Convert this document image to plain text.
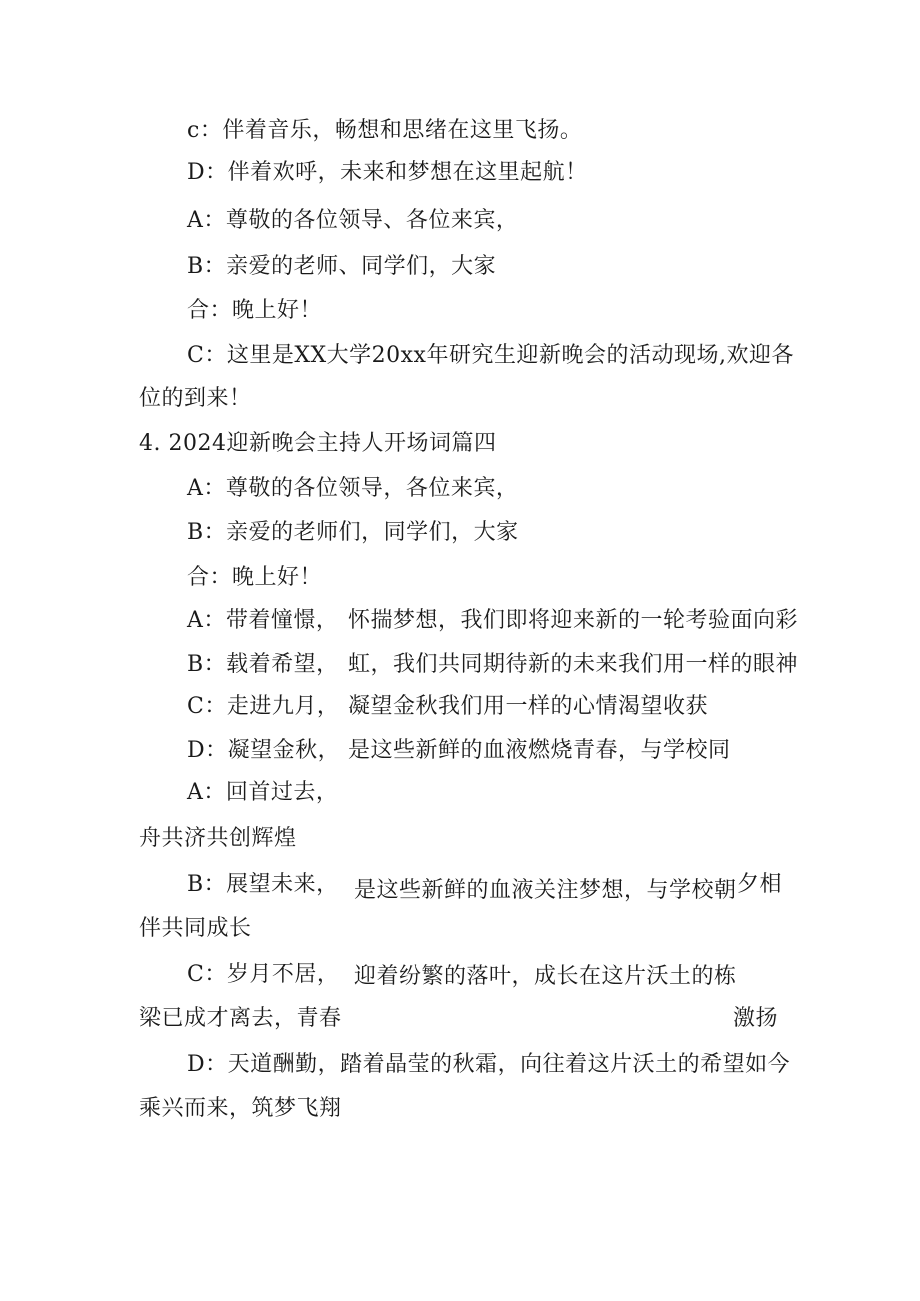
c：伴着音乐，畅想和思绪在这里飞扬。
D：伴着欢呼，未来和梦想在这里起航！
A：尊敬的各位领导、各位来宾，
B：亲爱的老师、同学们，大家
合：晚上好！
C：这里是XX大学20xx年研究生迎新晚会的活动现场,欢迎各
位的到来！
4. 2024迎新晚会主持人开场词篇四
A：尊敬的各位领导，各位来宾，
B：亲爱的老师们，同学们，大家
合：晚上好！
A：带着憧憬， 怀揣梦想，我们即将迎来新的一轮考验面向彩
B：载着希望， 虹，我们共同期待新的未来我们用一样的眼神
C：走进九月， 凝望金秋我们用一样的心情渴望收获
D：凝望金秋， 是这些新鲜的血液燃烧青春，与学校同
A：回首过去，
舟共济共创辉煌
B：展望未来， 是这些新鲜的血液关注梦想，与学校朝 夕相
伴共同成长
C：岁月不居， 迎着纷繁的落叶，成长在这片沃土的栋
梁已成才离去，青春	激扬
D：天道酬勤，踏着晶莹的秋霜，向往着这片沃土的希望如今
乘兴而来，筑梦飞翔
